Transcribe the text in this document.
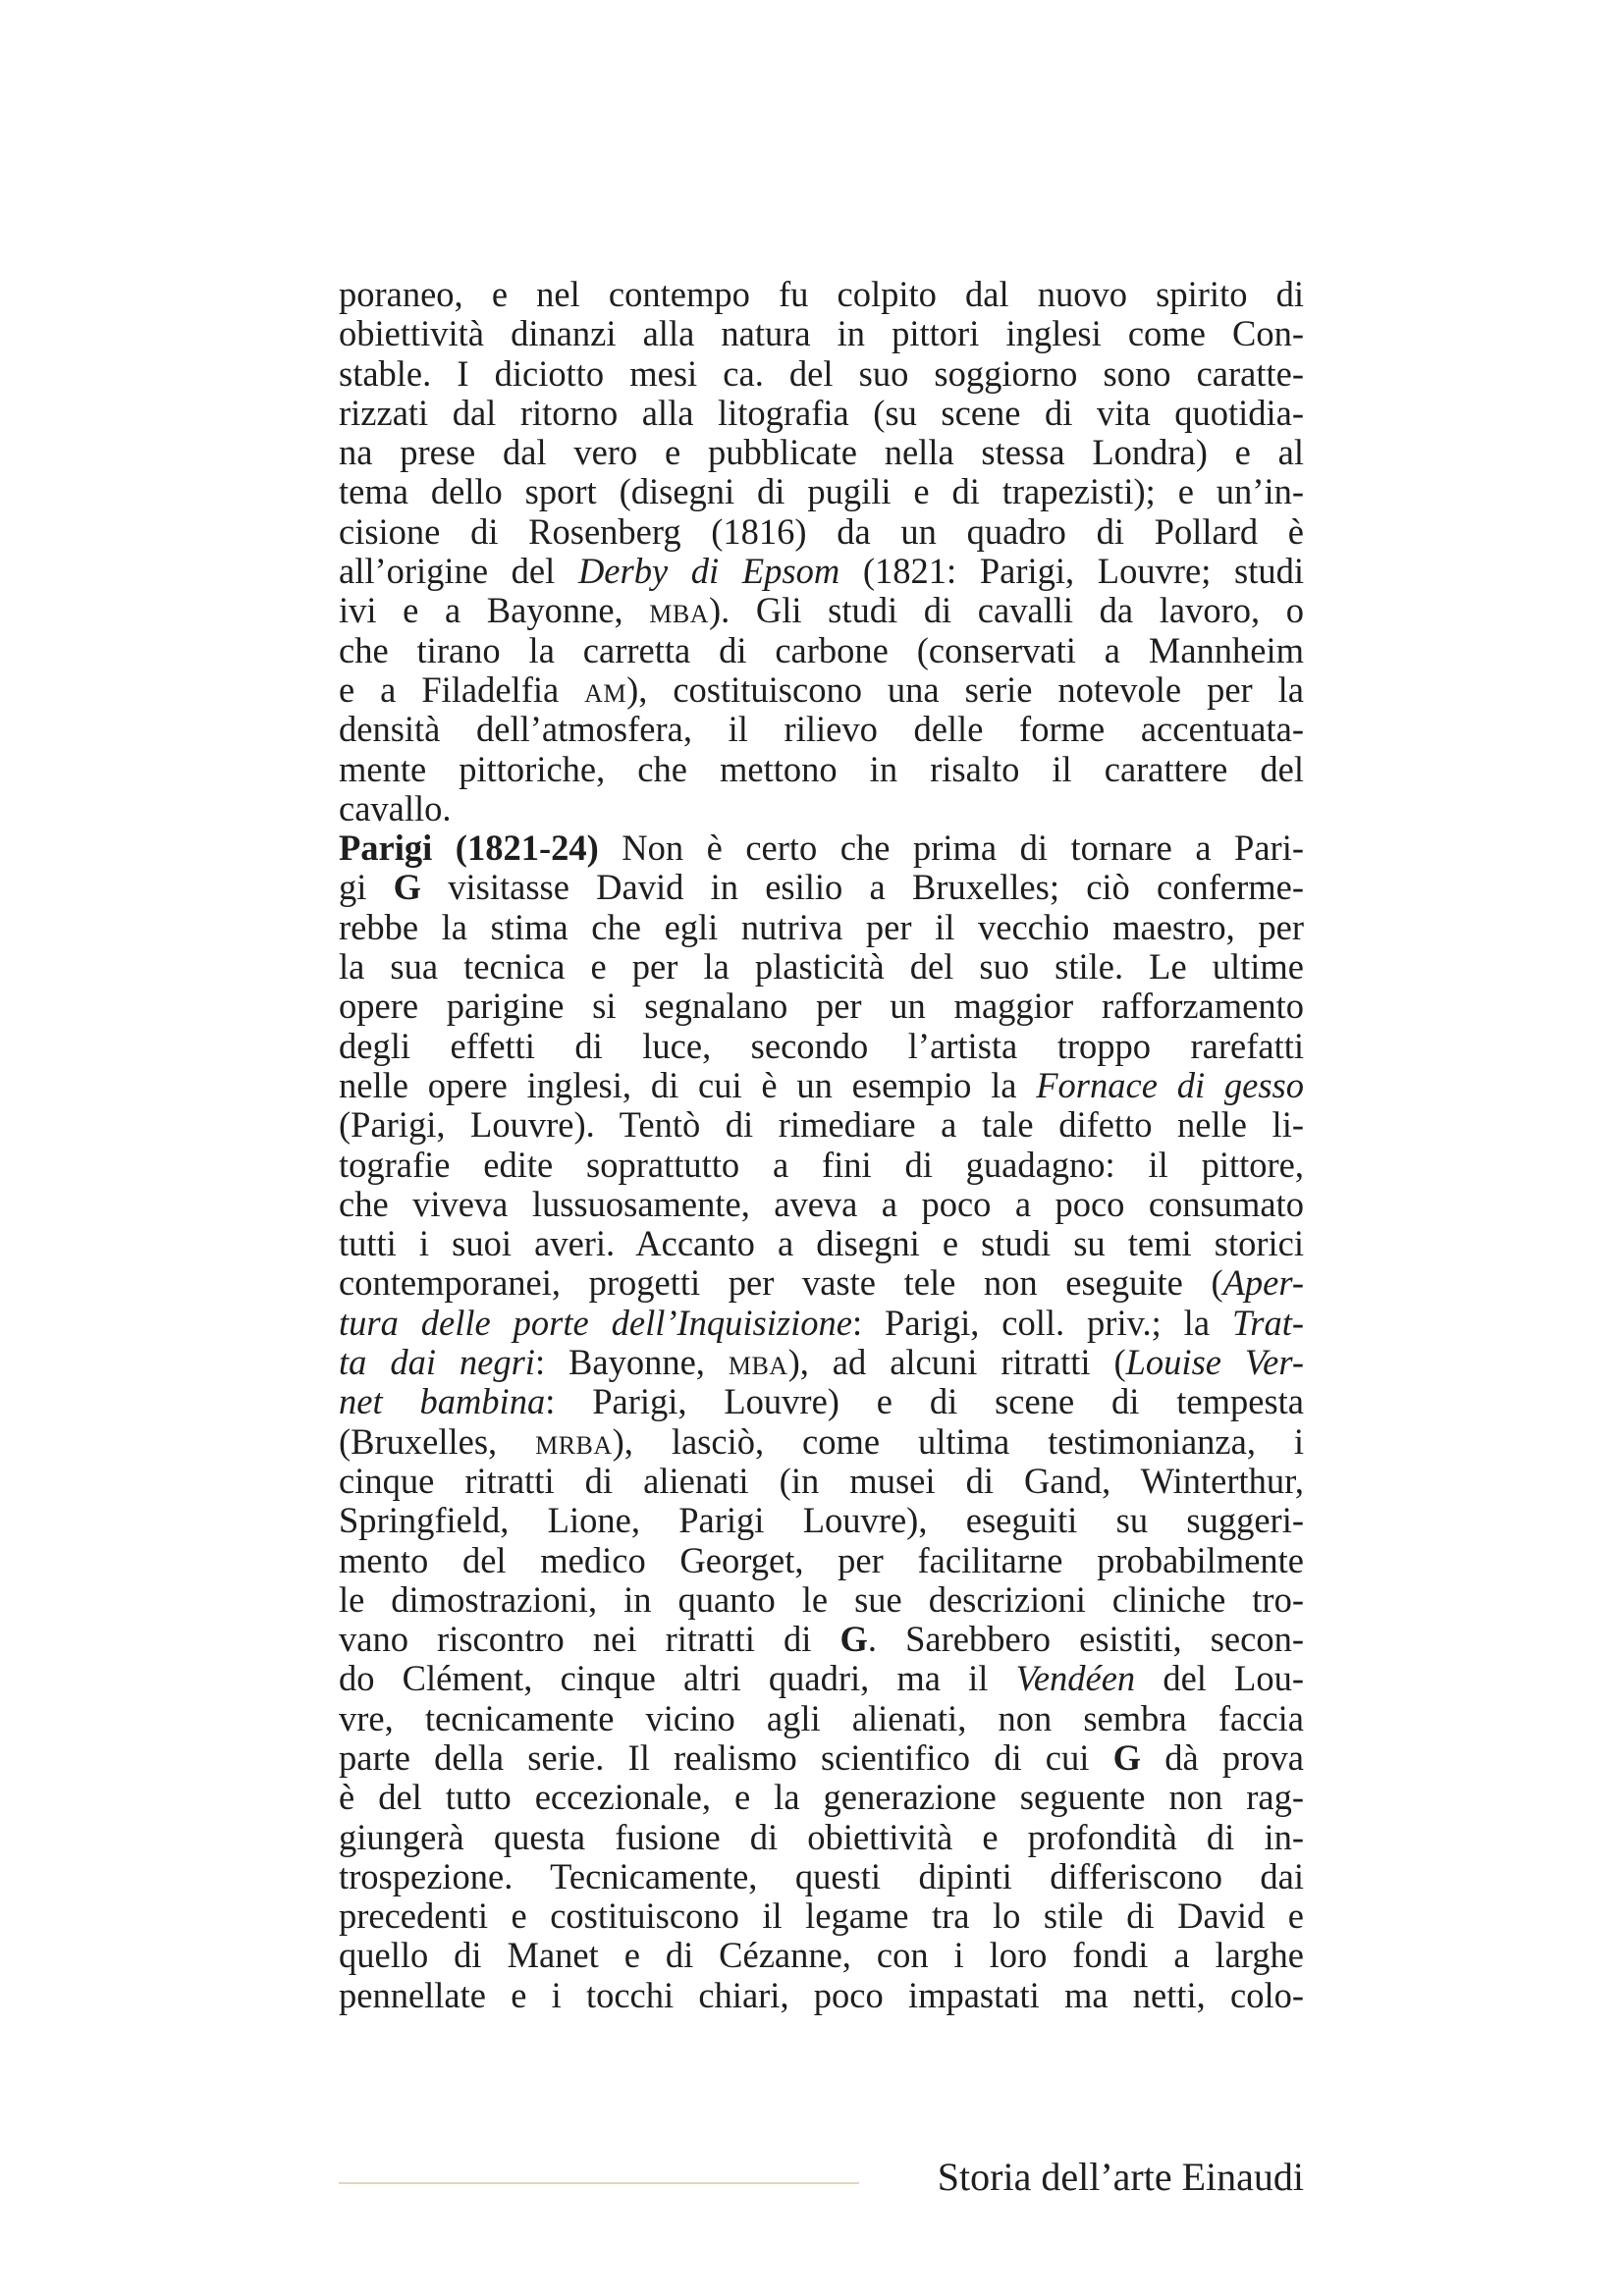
poraneo, e nel contempo fu colpito dal nuovo spirito di
obiettività dinanzi alla natura in pittori inglesi come Con-
stable. I diciotto mesi ca. del suo soggiorno sono caratte-
rizzati dal ritorno alla litografia (su scene di vita quotidia-
na prese dal vero e pubblicate nella stessa Londra) e al
tema dello sport (disegni di pugili e di trapezisti); e un’in-
cisione di Rosenberg (1816) da un quadro di Pollard è
all’origine del Derby di Epsom (1821: Parigi, Louvre; studi
ivi e a Bayonne, mba). Gli studi di cavalli da lavoro, o
che tirano la carretta di carbone (conservati a Mannheim
e a Filadelfia am), costituiscono una serie notevole per la
densità dell’atmosfera, il rilievo delle forme accentuata-
mente pittoriche, che mettono in risalto il carattere del
cavallo.
Parigi (1821-24) Non è certo che prima di tornare a Pari-
gi G visitasse David in esilio a Bruxelles; ciò confermе-
rebbe la stima che egli nutriva per il vecchio maestro, per
la sua tecnica e per la plasticità del suo stile. Le ultime
opere parigine si segnalano per un maggior rafforzamento
degli effetti di luce, secondo l’artista troppo rarefatti
nelle opere inglesi, di cui è un esempio la Fornace di gesso
(Parigi, Louvre). Tentò di rimediare a tale difetto nelle li-
tografie edite soprattutto a fini di guadagno: il pittore,
che viveva lussuosamente, aveva a poco a poco consumato
tutti i suoi averi. Accanto a disegni e studi su temi storici
contemporanei, progetti per vaste tele non eseguite (Aper-
tura delle porte dell’Inquisizione: Parigi, coll. priv.; la Trat-
ta dai negri: Bayonne, mba), ad alcuni ritratti (Louise Ver-
net bambina: Parigi, Louvre) e di scene di tempesta
(Bruxelles, mrba), lasciò, come ultima testimonianza, i
cinque ritratti di alienati (in musei di Gand, Winterthur,
Springfield, Lione, Parigi Louvre), eseguiti su suggeri-
mento del medico Georget, per facilitarne probabilmente
le dimostrazioni, in quanto le sue descrizioni cliniche tro-
vano riscontro nei ritratti di G. Sarebbero esistiti, secon-
do Clément, cinque altri quadri, ma il Vendéen del Lou-
vre, tecnicamente vicino agli alienati, non sembra faccia
parte della serie. Il realismo scientifico di cui G dà prova
è del tutto eccezionale, e la generazione seguente non rag-
giungerà questa fusione di obiettività e profondità di in-
trospezione. Tecnicamente, questi dipinti differiscono dai
precedenti e costituiscono il legame tra lo stile di David e
quello di Manet e di Cézanne, con i loro fondi a larghe
pennellate e i tocchi chiari, poco impastati ma netti, colo-
Storia dell’arte Einaudi
